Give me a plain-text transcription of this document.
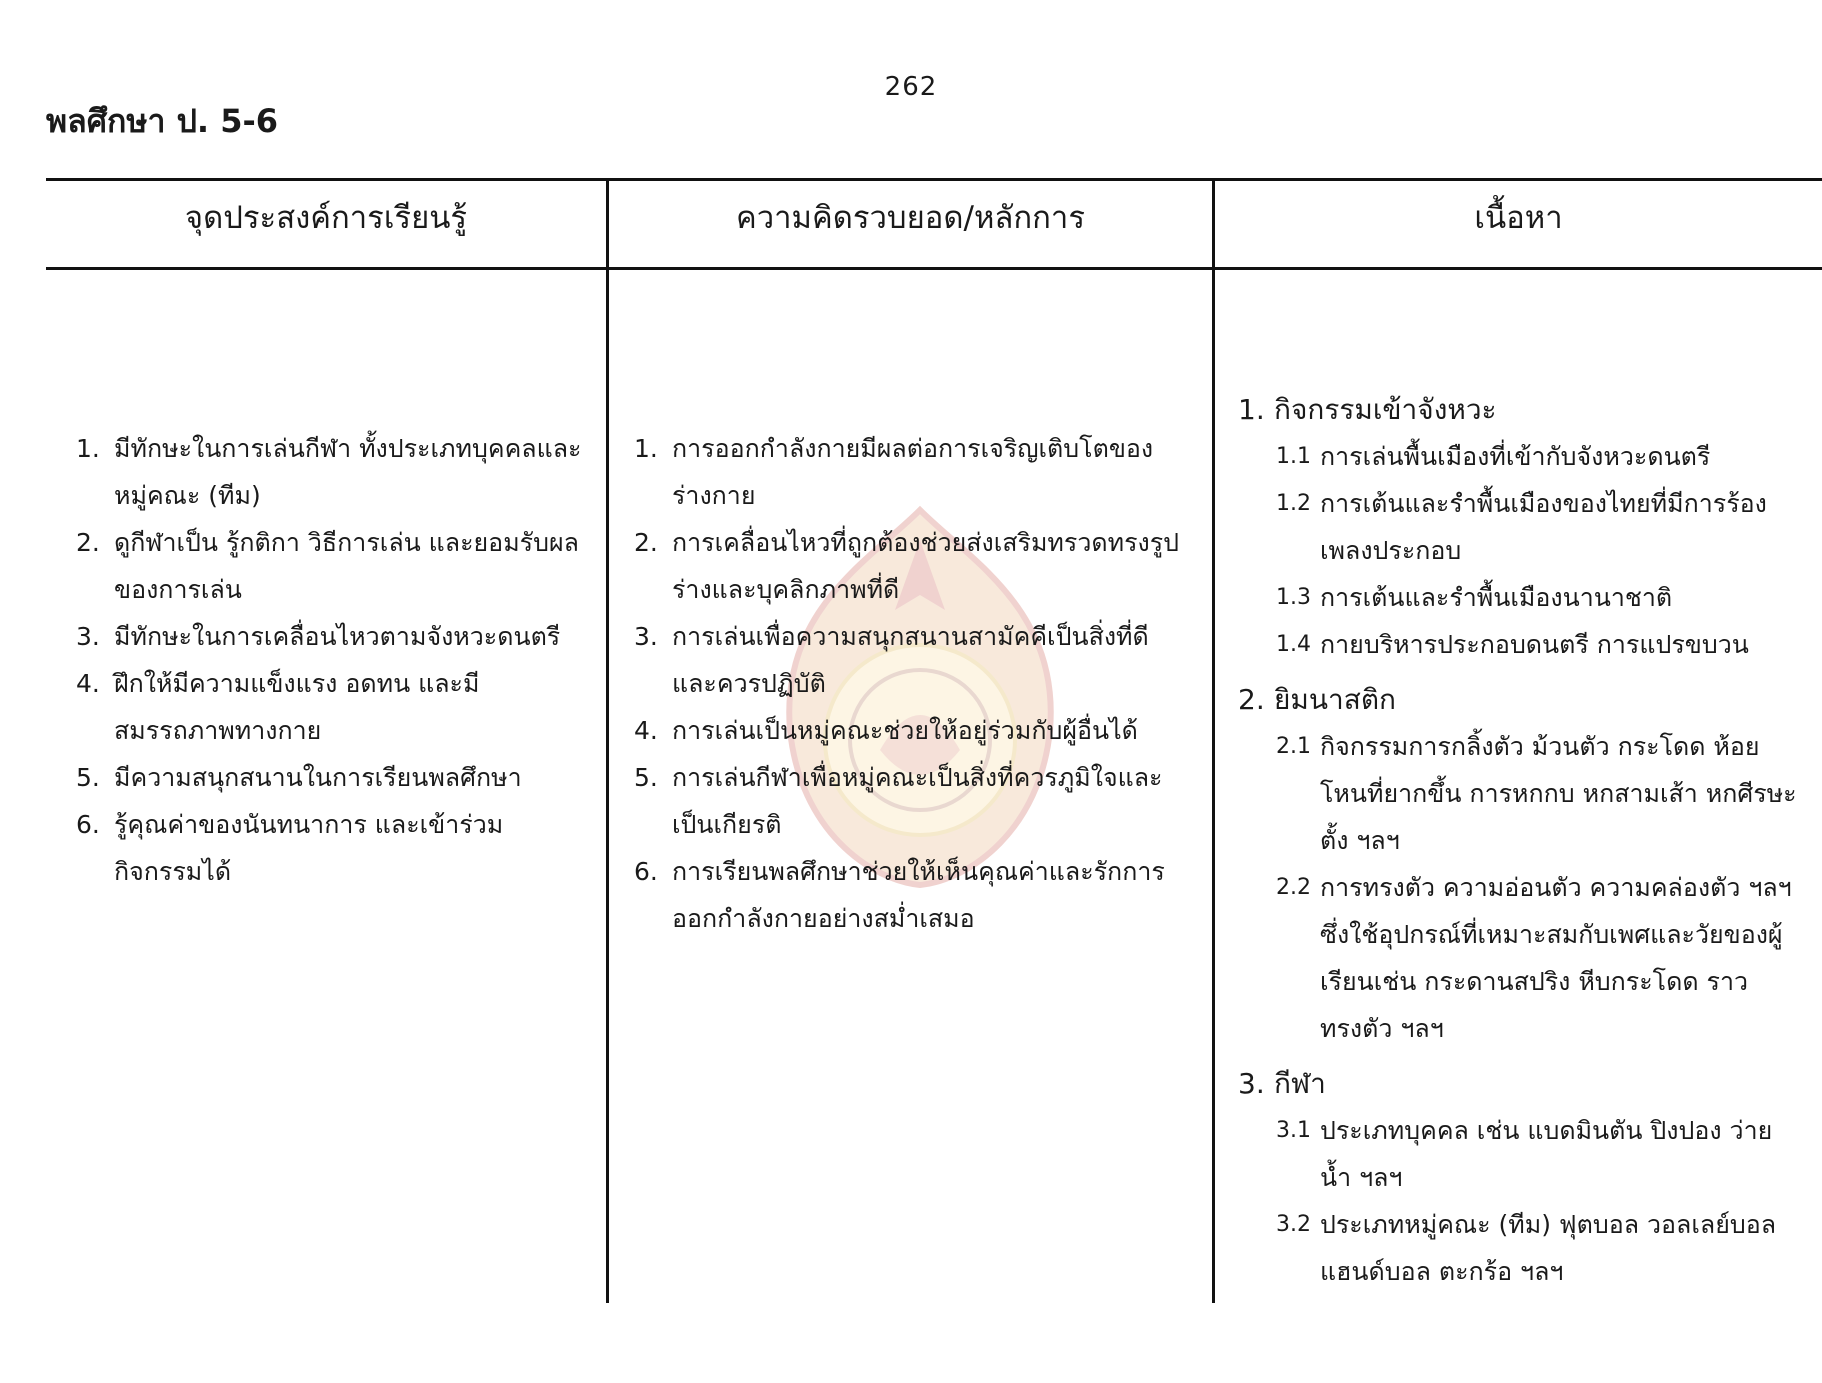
262
พลศึกษา ป. 5-6
จุดประสงค์การเรียนรู้	ความคิดรวบยอด/หลักการ	เนื้อหา
1. มีทักษะในการเล่นกีฬา ทั้งประเภทบุคคลและหมู่คณะ (ทีม)
2. ดูกีฬาเป็น รู้กติกา วิธีการเล่น และยอมรับผลของการเล่น
3. มีทักษะในการเคลื่อนไหวตามจังหวะดนตรี
4. ฝึกให้มีความแข็งแรง อดทน และมีสมรรถภาพทางกาย
5. มีความสนุกสนานในการเรียนพลศึกษา
6. รู้คุณค่าของนันทนาการ และเข้าร่วมกิจกรรมได้
1. การออกกำลังกายมีผลต่อการเจริญเติบโตของร่างกาย
2. การเคลื่อนไหวที่ถูกต้องช่วยส่งเสริมทรวดทรงรูปร่างและบุคลิกภาพที่ดี
3. การเล่นเพื่อความสนุกสนานสามัคคีเป็นสิ่งที่ดีและควรปฏิบัติ
4. การเล่นเป็นหมู่คณะช่วยให้อยู่ร่วมกับผู้อื่นได้
5. การเล่นกีฬาเพื่อหมู่คณะเป็นสิ่งที่ควรภูมิใจและเป็นเกียรติ
6. การเรียนพลศึกษาช่วยให้เห็นคุณค่าและรักการออกกำลังกายอย่างสม่ำเสมอ
1. กิจกรรมเข้าจังหวะ
1.1 การเล่นพื้นเมืองที่เข้ากับจังหวะดนตรี
1.2 การเต้นและรำพื้นเมืองของไทยที่มีการร้องเพลงประกอบ
1.3 การเต้นและรำพื้นเมืองนานาชาติ
1.4 กายบริหารประกอบดนตรี การแปรขบวน
2. ยิมนาสติก
2.1 กิจกรรมการกลิ้งตัว ม้วนตัว กระโดด ห้อยโหนที่ยากขึ้น การหกกบ หกสามเส้า หกศีรษะตั้ง ฯลฯ
2.2 การทรงตัว ความอ่อนตัว ความคล่องตัว ฯลฯ ซึ่งใช้อุปกรณ์ที่เหมาะสมกับเพศและวัยของผู้เรียนเช่น กระดานสปริง หีบกระโดด ราวทรงตัว ฯลฯ
3. กีฬา
3.1 ประเภทบุคคล เช่น แบดมินตัน ปิงปอง ว่ายน้ำ ฯลฯ
3.2 ประเภทหมู่คณะ (ทีม) ฟุตบอล วอลเลย์บอล แฮนด์บอล ตะกร้อ ฯลฯ
